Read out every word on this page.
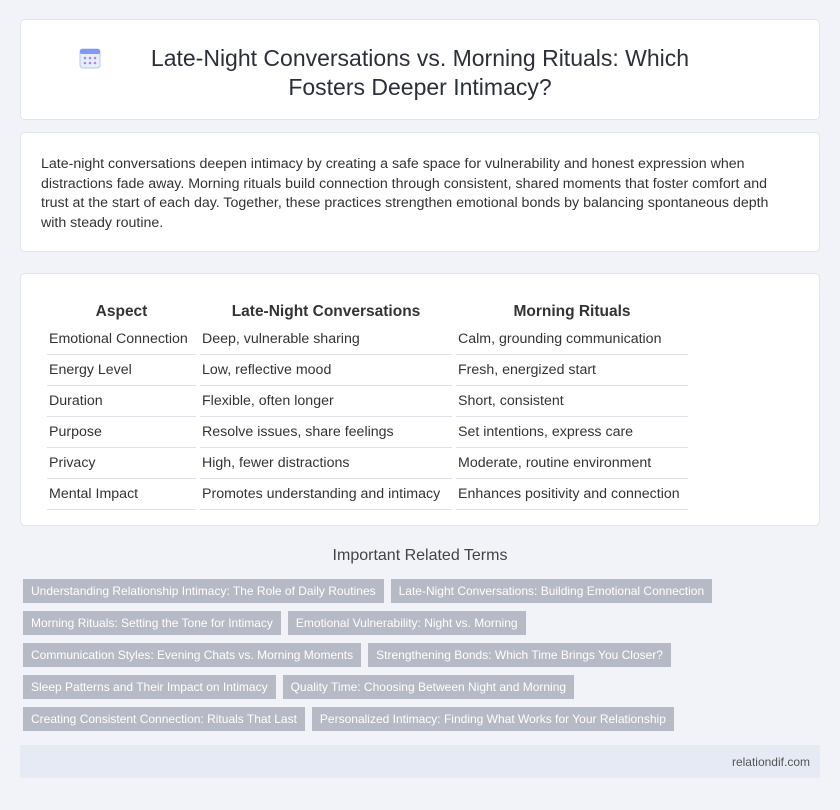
Late-Night Conversations vs. Morning Rituals: Which Fosters Deeper Intimacy?

Late-night conversations deepen intimacy by creating a safe space for vulnerability and honest expression when distractions fade away. Morning rituals build connection through consistent, shared moments that foster comfort and trust at the start of each day. Together, these practices strengthen emotional bonds by balancing spontaneous depth with steady routine.

Aspect	Late-Night Conversations	Morning Rituals
Emotional Connection	Deep, vulnerable sharing	Calm, grounding communication
Energy Level	Low, reflective mood	Fresh, energized start
Duration	Flexible, often longer	Short, consistent
Purpose	Resolve issues, share feelings	Set intentions, express care
Privacy	High, fewer distractions	Moderate, routine environment
Mental Impact	Promotes understanding and intimacy	Enhances positivity and connection
Important Related Terms
Understanding Relationship Intimacy: The Role of Daily Routines	Late-Night Conversations: Building Emotional Connection
Morning Rituals: Setting the Tone for Intimacy	Emotional Vulnerability: Night vs. Morning
Communication Styles: Evening Chats vs. Morning Moments	Strengthening Bonds: Which Time Brings You Closer?
Sleep Patterns and Their Impact on Intimacy	Quality Time: Choosing Between Night and Morning
Creating Consistent Connection: Rituals That Last	Personalized Intimacy: Finding What Works for Your Relationship
relationdif.com
